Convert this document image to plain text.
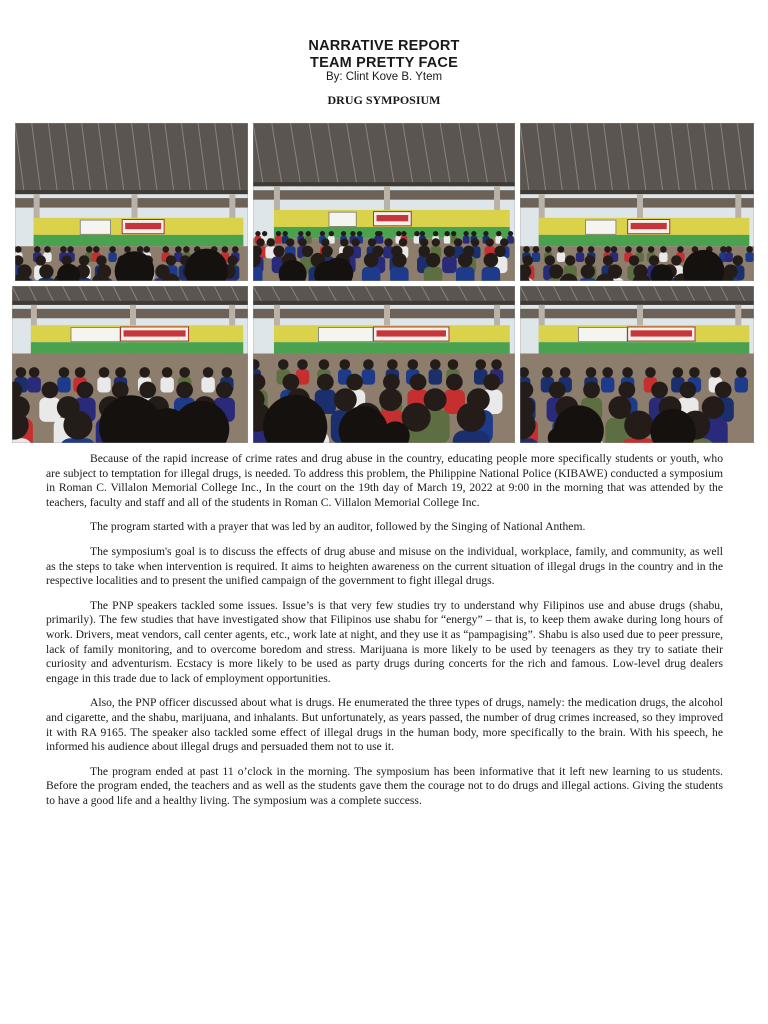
NARRATIVE REPORT
TEAM PRETTY FACE
By: Clint Kove B. Ytem
DRUG SYMPOSIUM

Because of the rapid increase of crime rates and drug abuse in the country, educating people more specifically students or youth, who are subject to temptation for illegal drugs, is needed. To address this problem, the Philippine National Police (KIBAWE) conducted a symposium in Roman C. Villalon Memorial College Inc., In the court on the 19th day of March 19, 2022 at 9:00 in the morning that was attended by the teachers, faculty and staff and all of the students in Roman C. Villalon Memorial College Inc.

The program started with a prayer that was led by an auditor, followed by the Singing of National Anthem.

The symposium's goal is to discuss the effects of drug abuse and misuse on the individual, workplace, family, and community, as well as the steps to take when intervention is required. It aims to heighten awareness on the current situation of illegal drugs in the country and in the respective localities and to present the unified campaign of the government to fight illegal drugs.

The PNP speakers tackled some issues. Issue’s is that very few studies try to understand why Filipinos use and abuse drugs (shabu, primarily). The few studies that have investigated show that Filipinos use shabu for “energy” – that is, to keep them awake during long hours of work. Drivers, meat vendors, call center agents, etc., work late at night, and they use it as “pampagising”. Shabu is also used due to peer pressure, lack of family monitoring, and to overcome boredom and stress. Marijuana is more likely to be used by teenagers as they try to satiate their curiosity and adventurism. Ecstacy is more likely to be used as party drugs during concerts for the rich and famous. Low-level drug dealers engage in this trade due to lack of employment opportunities.

Also, the PNP officer discussed about what is drugs. He enumerated the three types of drugs, namely: the medication drugs, the alcohol and cigarette, and the shabu, marijuana, and inhalants. But unfortunately, as years passed, the number of drug crimes increased, so they improved it with RA 9165. The speaker also tackled some effect of illegal drugs in the human body, more specifically to the brain. With his speech, he informed his audience about illegal drugs and persuaded them not to use it.

The program ended at past 11 o’clock in the morning. The symposium has been informative that it left new learning to us students. Before the program ended, the teachers and as well as the students gave them the courage not to do drugs and illegal actions. Giving the students to have a good life and a healthy living. The symposium was a complete success.
